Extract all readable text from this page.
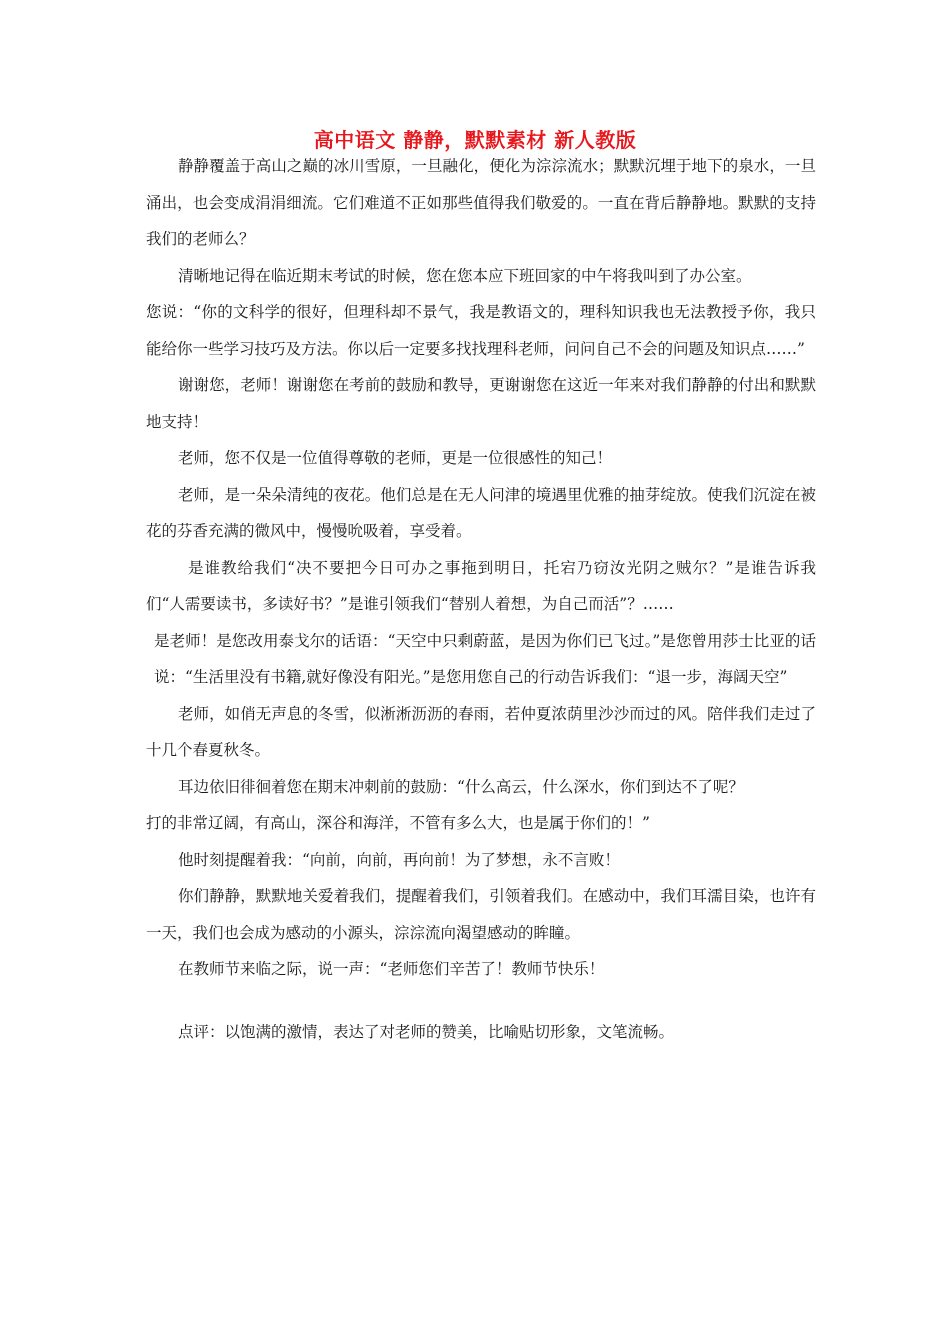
高中语文 静静，默默素材 新人教版

静静覆盖于高山之巅的冰川雪原，一旦融化，便化为淙淙流水；默默沉埋于地下的泉水，一旦涌出，也会变成涓涓细流。它们难道不正如那些值得我们敬爱的。一直在背后静静地。默默的支持我们的老师么？

清晰地记得在临近期末考试的时候，您在您本应下班回家的中午将我叫到了办公室。

您说：“你的文科学的很好，但理科却不景气，我是教语文的，理科知识我也无法教授予你，我只能给你一些学习技巧及方法。你以后一定要多找找理科老师，问问自己不会的问题及知识点……”

谢谢您，老师！谢谢您在考前的鼓励和教导，更谢谢您在这近一年来对我们静静的付出和默默地支持！

老师，您不仅是一位值得尊敬的老师，更是一位很感性的知己！

老师，是一朵朵清纯的夜花。他们总是在无人问津的境遇里优雅的抽芽绽放。使我们沉淀在被花的芬香充满的微风中，慢慢吮吸着，享受着。

是谁教给我们“决不要把今日可办之事拖到明日，托宕乃窃汝光阴之贼尔？”是谁告诉我们“人需要读书，多读好书？”是谁引领我们“替别人着想，为自己而活”？……

是老师！是您改用泰戈尔的话语：“天空中只剩蔚蓝，是因为你们已飞过。”是您曾用莎士比亚的话说：“生活里没有书籍,就好像没有阳光。”是您用您自己的行动告诉我们：“退一步，海阔天空”

老师，如俏无声息的冬雪，似淅淅沥沥的春雨，若仲夏浓荫里沙沙而过的风。陪伴我们走过了十几个春夏秋冬。

耳边依旧徘徊着您在期末冲刺前的鼓励：“什么高云，什么深水，你们到达不了呢？

打的非常辽阔，有高山，深谷和海洋，不管有多么大，也是属于你们的！”

他时刻提醒着我：“向前，向前，再向前！为了梦想，永不言败！

你们静静，默默地关爱着我们，提醒着我们，引领着我们。在感动中，我们耳濡目染，也许有一天，我们也会成为感动的小源头，淙淙流向渴望感动的眸瞳。

在教师节来临之际，说一声：“老师您们辛苦了！教师节快乐！

点评：以饱满的激情，表达了对老师的赞美，比喻贴切形象，文笔流畅。
